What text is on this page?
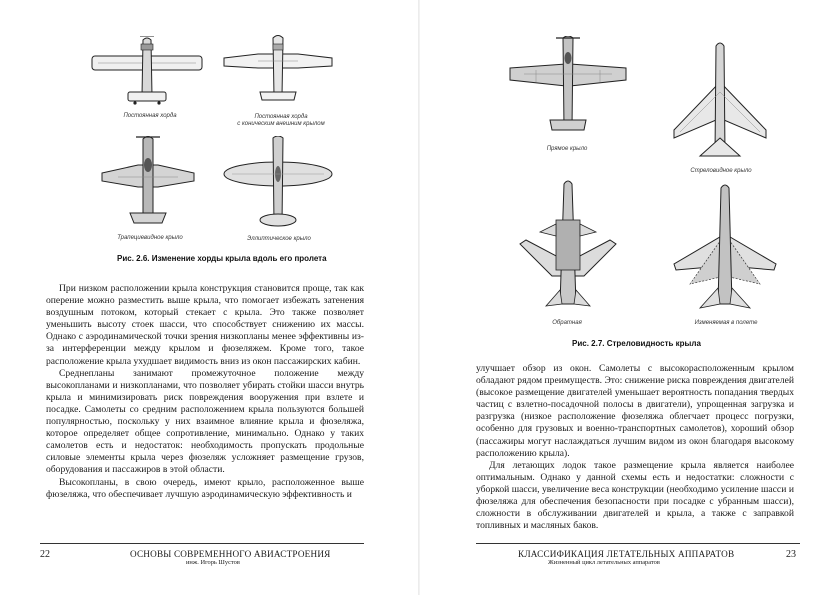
Постоянная хорда	Постоянная хорда
с коническим внешним крылом
Трапециевидное крыло	Эллиптическое крыло
Рис. 2.6. Изменение хорды крыла вдоль его пролета

При низком расположении крыла конструкция становится проще, так как оперение можно разместить выше крыла, что помогает избежать затенения воздушным потоком, который стекает с крыла. Это также позволяет уменьшить высоту стоек шасси, что способствует снижению их массы. Однако с аэродинамической точки зрения низкопланы менее эффективны из-за интерференции между крылом и фюзеляжем. Кроме того, такое расположение крыла ухудшает видимость вниз из окон пассажирских кабин.

Среднепланы занимают промежуточное положение между высокопланами и низкопланами, что позволяет убирать стойки шасси внутрь крыла и минимизировать риск повреждения вооружения при взлете и посадке. Самолеты со средним расположением крыла пользуются большей популярностью, поскольку у них взаимное влияние крыла и фюзеляжа, которое определяет общее сопротивление, минимально. Однако у таких самолетов есть и недостаток: необходимость пропускать продольные силовые элементы крыла через фюзеляж усложняет размещение грузов, оборудования и пассажиров в этой области.

Высокопланы, в свою очередь, имеют крыло, расположенное выше фюзеляжа, что обеспечивает лучшую аэродинамическую эффективность и

22	ОСНОВЫ СОВРЕМЕННОГО АВИАСТРОЕНИЯ
инж. Игорь Шустов
Прямое крыло
Стреловидное крыло
Обратная	Изменяемая в полете
Рис. 2.7. Стреловидность крыла

улучшает обзор из окон. Самолеты с высокорасположенным крылом обладают рядом преимуществ. Это: снижение риска повреждения двигателей (высокое размещение двигателей уменьшает вероятность попадания твердых частиц с взлетно-посадочной полосы в двигатели), упрощенная загрузка и разгрузка (низкое расположение фюзеляжа облегчает процесс погрузки, особенно для грузовых и военно-транспортных самолетов), хороший обзор (пассажиры могут наслаждаться лучшим видом из окон благодаря высокому расположению крыла).

Для летающих лодок такое размещение крыла является наиболее оптимальным. Однако у данной схемы есть и недостатки: сложности с уборкой шасси, увеличение веса конструкции (необходимо усиление шасси и фюзеляжа для обеспечения безопасности при посадке с убранным шасси), сложности в обслуживании двигателей и крыла, а также с заправкой топливных и масляных баков.

КЛАССИФИКАЦИЯ ЛЕТАТЕЛЬНЫХ АППАРАТОВ
Жизненный цикл летательных аппаратов
23
